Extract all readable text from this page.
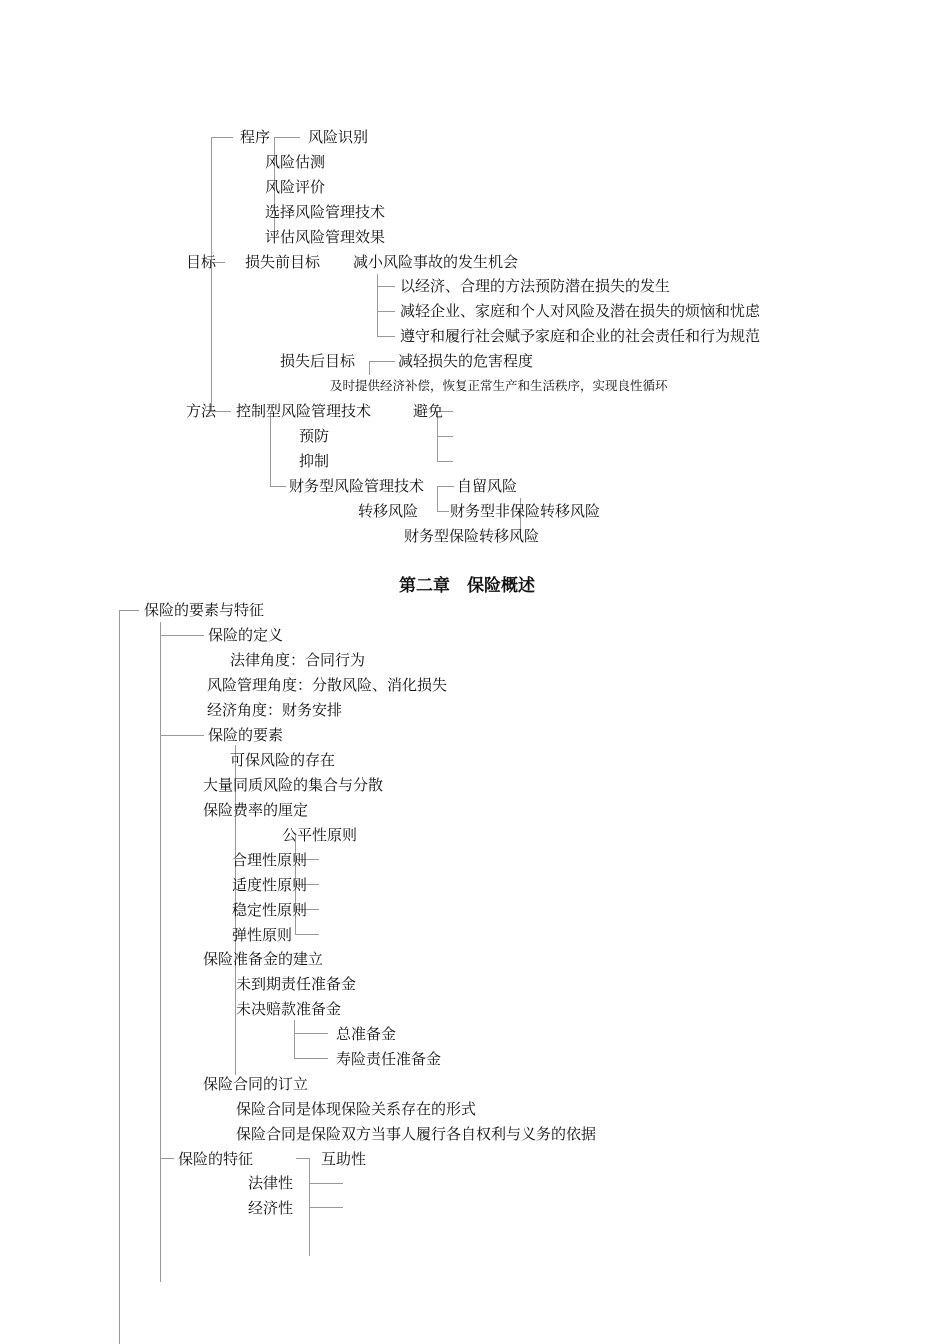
程序	风险识别
风险估测
风险评价
选择风险管理技术
评估风险管理效果
目标 损失前目标 减小风险事故的发生机会
以经济、合理的方法预防潜在损失的发生
减轻企业、家庭和个人对风险及潜在损失的烦恼和忧虑
遵守和履行社会赋予家庭和企业的社会责任和行为规范
损失后目标	减轻损失的危害程度
及时提供经济补偿，恢复正常生产和生活秩序，实现良性循环
方法 控制型风险管理技术	避免
预防
抑制
财务型风险管理技术 自留风险
转移风险 财务型非保险转移风险
财务型保险转移风险
第二章　保险概述
保险的要素与特征
保险的定义
法律角度：合同行为
风险管理角度：分散风险、消化损失
经济角度：财务安排
保险的要素
可保风险的存在
大量同质风险的集合与分散
保险费率的厘定
公平性原则
合理性原则
适度性原则
稳定性原则
弹性原则
保险准备金的建立
未到期责任准备金
未决赔款准备金
总准备金
寿险责任准备金
保险合同的订立
保险合同是体现保险关系存在的形式
保险合同是保险双方当事人履行各自权利与义务的依据
保险的特征	互助性
法律性
经济性
